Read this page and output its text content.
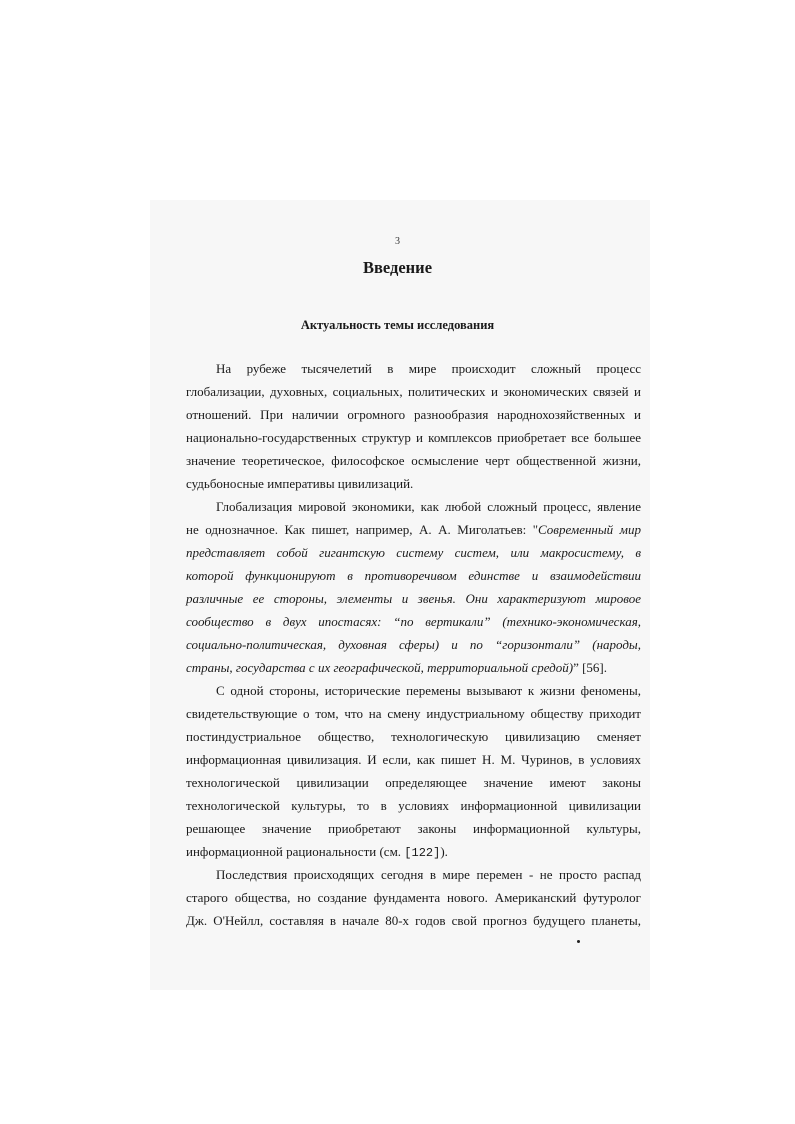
3
Введение
Актуальность темы исследования
На рубеже тысячелетий в мире происходит сложный процесс
глобализации, духовных, социальных, политических и экономических связей и
отношений. При наличии огромного разнообразия народнохозяйственных и
национально-государственных структур и комплексов приобретает все большее
значение теоретическое, философское осмысление черт общественной жизни,
судьбоносные императивы цивилизаций.
Глобализация мировой экономики, как любой сложный процесс, явление
не однозначное. Как пишет, например, А. А. Миголатьев: "Современный мир
представляет собой гигантскую систему систем, или макросистему, в
которой функционируют в противоречивом единстве и взаимодействии
различные ее стороны, элементы и звенья. Они характеризуют мировое
сообщество в двух ипостасях: “по вертикали” (технико-экономическая,
социально-политическая, духовная сферы) и по “горизонтали” (народы,
страны, государства с их географической, территориальной средой)” [56].
С одной стороны, исторические перемены вызывают к жизни феномены,
свидетельствующие о том, что на смену индустриальному обществу приходит
постиндустриальное общество, технологическую цивилизацию сменяет
информационная цивилизация. И если, как пишет Н. М. Чуринов, в условиях
технологической цивилизации определяющее значение имеют законы
технологической культуры, то в условиях информационной цивилизации
решающее значение приобретают законы информационной культуры,
информационной рациональности (см. [122]).
Последствия происходящих сегодня в мире перемен - не просто распад
старого общества, но создание фундамента нового. Американский футуролог
Дж. О'Нейлл, составляя в начале 80-х годов свой прогноз будущего планеты,
